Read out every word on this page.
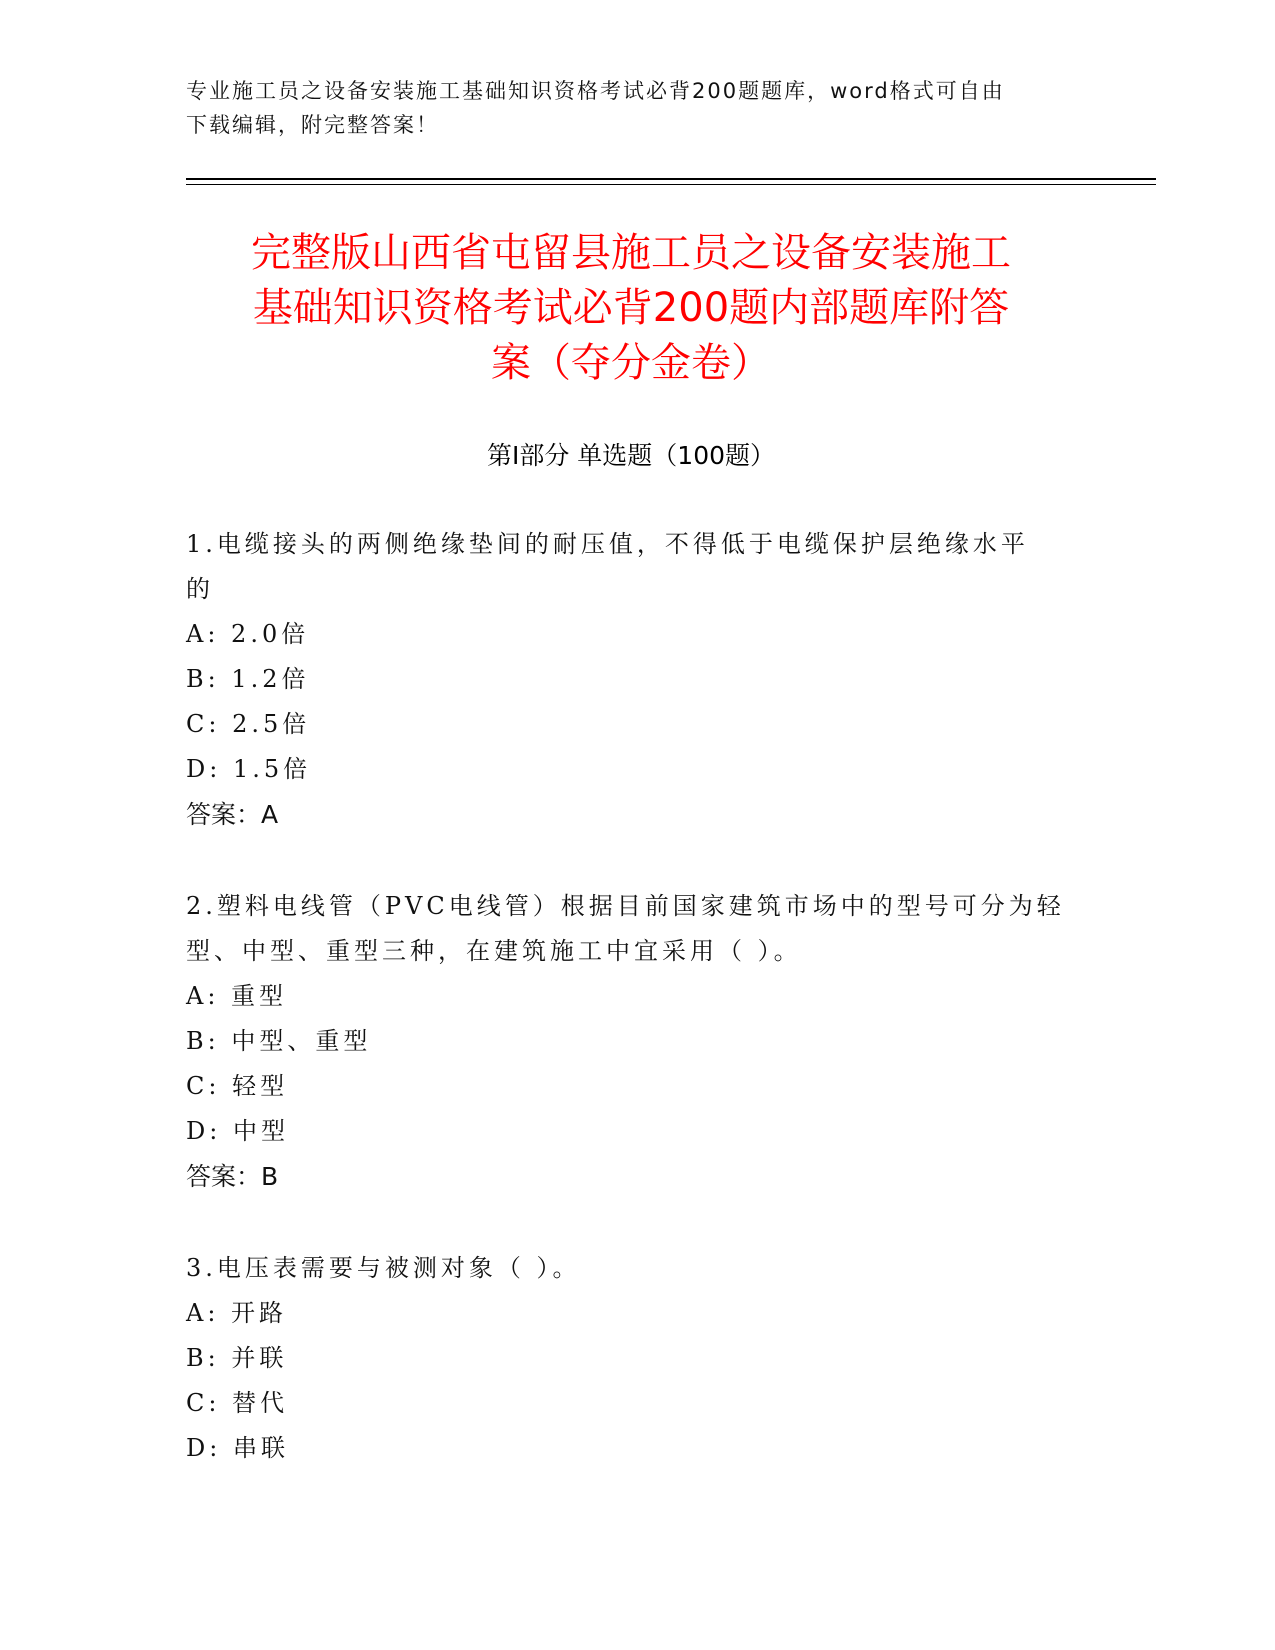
专业施工员之设备安装施工基础知识资格考试必背200题题库，word格式可自由
下载编辑，附完整答案！
完整版山西省屯留县施工员之设备安装施工
基础知识资格考试必背200题内部题库附答
案（夺分金卷）
第Ⅰ部分 单选题（100题）
1.电缆接头的两侧绝缘垫间的耐压值，不得低于电缆保护层绝缘水平
的
A: 2.0倍
B: 1.2倍
C: 2.5倍
D: 1.5倍
答案：A
2.塑料电线管（PVC电线管）根据目前国家建筑市场中的型号可分为轻
型、中型、重型三种，在建筑施工中宜采用（ ）。
A: 重型
B: 中型、重型
C: 轻型
D: 中型
答案：B
3.电压表需要与被测对象（ ）。
A: 开路
B: 并联
C: 替代
D: 串联
